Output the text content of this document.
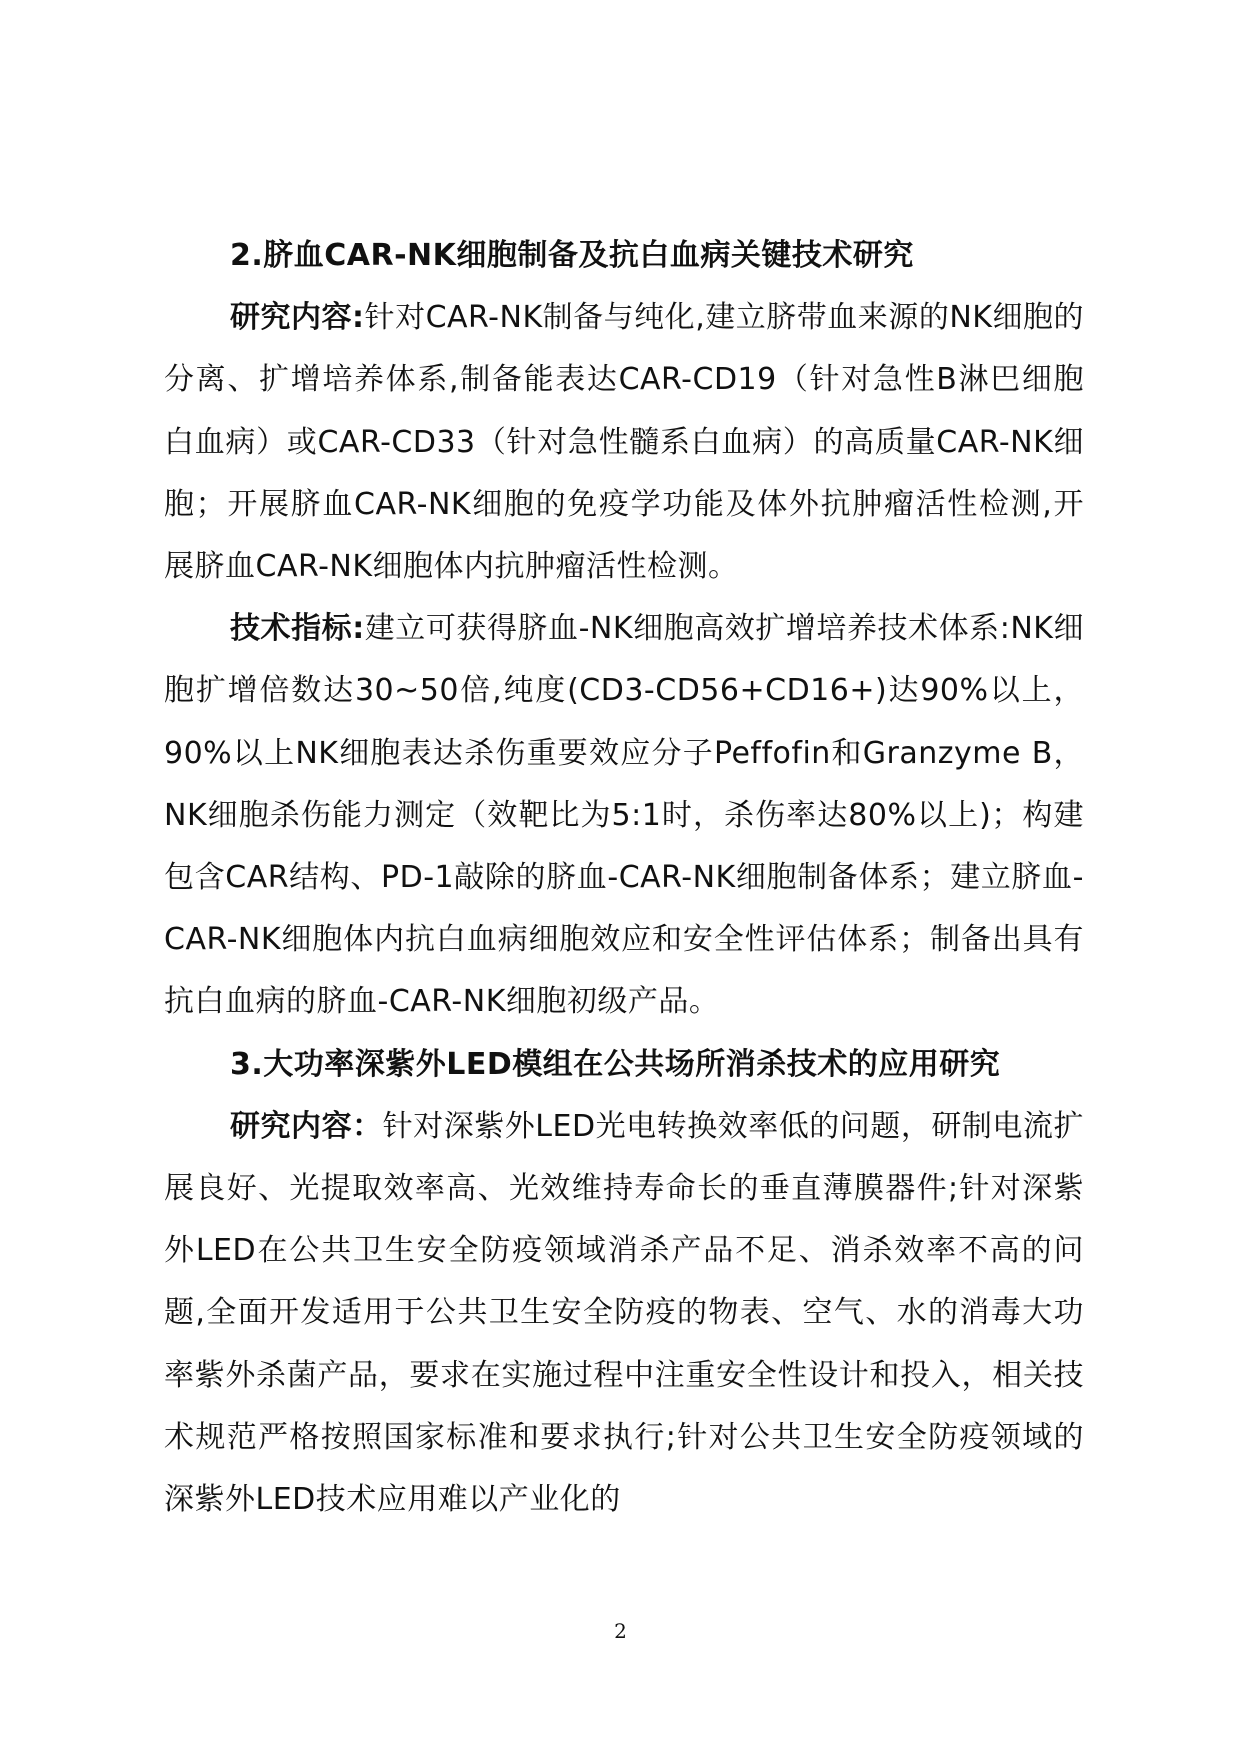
2.脐血CAR-NK细胞制备及抗白血病关键技术研究

研究内容:针对CAR-NK制备与纯化,建立脐带血来源的NK细胞的分离、扩增培养体系,制备能表达CAR-CD19（针对急性B淋巴细胞白血病）或CAR-CD33（针对急性髓系白血病）的高质量CAR-NK细胞；开展脐血CAR-NK细胞的免疫学功能及体外抗肿瘤活性检测,开展脐血CAR-NK细胞体内抗肿瘤活性检测。

技术指标:建立可获得脐血-NK细胞高效扩增培养技术体系:NK细胞扩增倍数达30~50倍,纯度(CD3-CD56+CD16+)达90%以上，90%以上NK细胞表达杀伤重要效应分子Peffofin和Granzyme B，NK细胞杀伤能力测定（效靶比为5:1时，杀伤率达80%以上)；构建包含CAR结构、PD-1敲除的脐血-CAR-NK细胞制备体系；建立脐血-CAR-NK细胞体内抗白血病细胞效应和安全性评估体系；制备出具有抗白血病的脐血-CAR-NK细胞初级产品。

3.大功率深紫外LED模组在公共场所消杀技术的应用研究

研究内容：针对深紫外LED光电转换效率低的问题，研制电流扩展良好、光提取效率高、光效维持寿命长的垂直薄膜器件;针对深紫外LED在公共卫生安全防疫领域消杀产品不足、消杀效率不高的问题,全面开发适用于公共卫生安全防疫的物表、空气、水的消毒大功率紫外杀菌产品，要求在实施过程中注重安全性设计和投入，相关技术规范严格按照国家标准和要求执行;针对公共卫生安全防疫领域的深紫外LED技术应用难以产业化的

2
